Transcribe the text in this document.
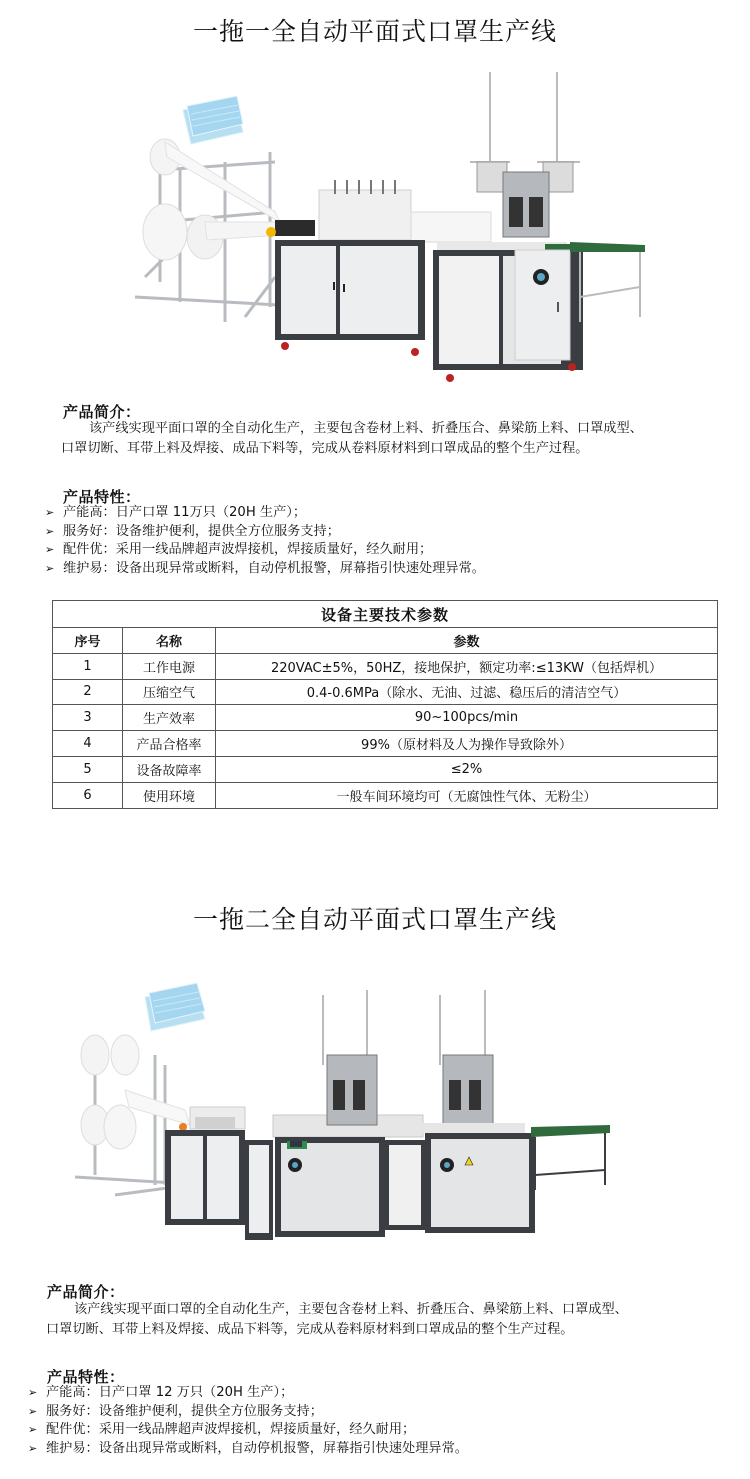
一拖一全自动平面式口罩生产线
产品简介：
该产线实现平面口罩的全自动化生产，主要包含卷材上料、折叠压合、鼻梁筋上料、口罩成型、
口罩切断、耳带上料及焊接、成品下料等，完成从卷料原材料到口罩成品的整个生产过程。
产品特性：
➢ 产能高：日产口罩 11万只（20H 生产）；
➢ 服务好：设备维护便利，提供全方位服务支持；
➢ 配件优：采用一线品牌超声波焊接机，焊接质量好，经久耐用；
➢ 维护易：设备出现异常或断料，自动停机报警，屏幕指引快速处理异常。
设备主要技术参数		
序号	名称	参数
1	工作电源	220VAC±5%，50HZ，接地保护，额定功率:≤13KW（包括焊机）
2	压缩空气	0.4-0.6MPa（除水、无油、过滤、稳压后的清洁空气）
3	生产效率	90~100pcs/min
4	产品合格率	99%（原材料及人为操作导致除外）
5	设备故障率	≤2%
6	使用环境	一般车间环境均可（无腐蚀性气体、无粉尘）
一拖二全自动平面式口罩生产线
产品简介：
该产线实现平面口罩的全自动化生产，主要包含卷材上料、折叠压合、鼻梁筋上料、口罩成型、
口罩切断、耳带上料及焊接、成品下料等，完成从卷料原材料到口罩成品的整个生产过程。
产品特性：
➢ 产能高：日产口罩 12 万只（20H 生产）；
➢ 服务好：设备维护便利，提供全方位服务支持；
➢ 配件优：采用一线品牌超声波焊接机，焊接质量好，经久耐用；
➢ 维护易：设备出现异常或断料，自动停机报警，屏幕指引快速处理异常。
